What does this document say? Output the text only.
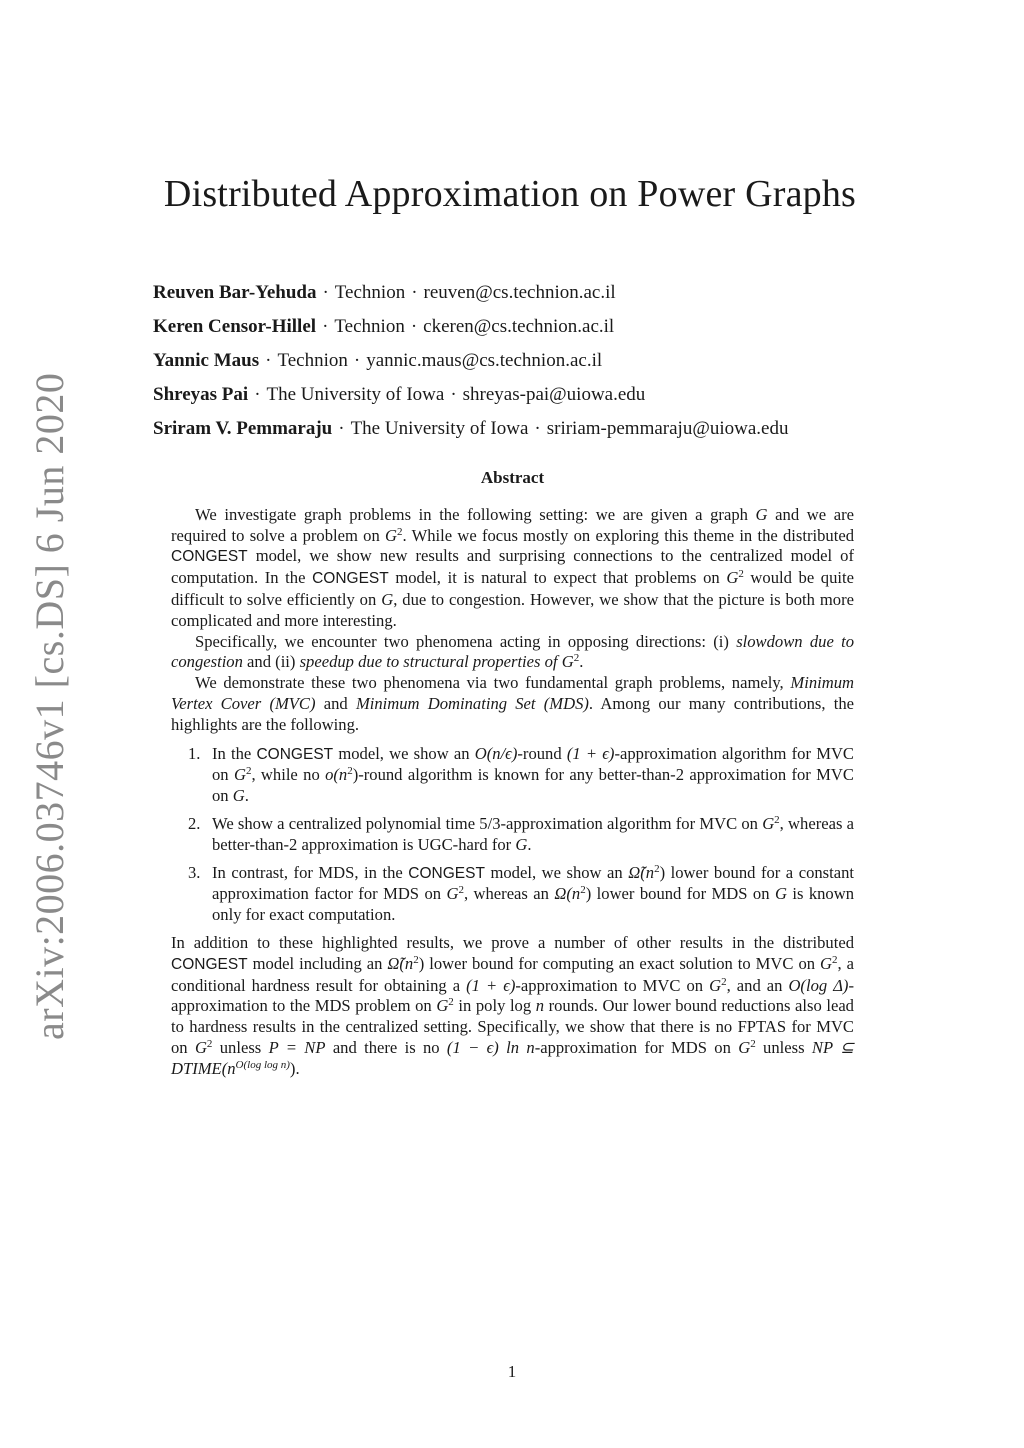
arXiv:2006.03746v1 [cs.DS] 6 Jun 2020
Distributed Approximation on Power Graphs
Reuven Bar-Yehuda · Technion · reuven@cs.technion.ac.il
Keren Censor-Hillel · Technion · ckeren@cs.technion.ac.il
Yannic Maus · Technion · yannic.maus@cs.technion.ac.il
Shreyas Pai · The University of Iowa · shreyas-pai@uiowa.edu
Sriram V. Pemmaraju · The University of Iowa · sririam-pemmaraju@uiowa.edu
Abstract

We investigate graph problems in the following setting: we are given a graph G and we are required to solve a problem on $G^2$. While we focus mostly on exploring this theme in the distributed CONGEST model, we show new results and surprising connections to the centralized model of computation. In the CONGEST model, it is natural to expect that problems on $G^2$ would be quite difficult to solve efficiently on G, due to congestion. However, we show that the picture is both more complicated and more interesting.

Specifically, we encounter two phenomena acting in opposing directions: (i) slowdown due to congestion and (ii) speedup due to structural properties of $G^2$.

We demonstrate these two phenomena via two fundamental graph problems, namely, Minimum Vertex Cover (MVC) and Minimum Dominating Set (MDS). Among our many contributions, the highlights are the following.

1. In the CONGEST model, we show an O(n/ϵ)-round (1 + ϵ)-approximation algorithm for MVC on $G^2$, while no $o(n^2)$-round algorithm is known for any better-than-2 approximation for MVC on G.
2. We show a centralized polynomial time 5/3-approximation algorithm for MVC on $G^2$, whereas a better-than-2 approximation is UGC-hard for G.
3. In contrast, for MDS, in the CONGEST model, we show an $\Omegã(n^2)$ lower bound for a constant approximation factor for MDS on $G^2$, whereas an $\Omega(n^2)$ lower bound for MDS on G is known only for exact computation.

In addition to these highlighted results, we prove a number of other results in the distributed CONGEST model including an $\Omegã(n^2)$ lower bound for computing an exact solution to MVC on $G^2$, a conditional hardness result for obtaining a (1 + ϵ)-approximation to MVC on $G^2$, and an O(log Δ)-approximation to the MDS problem on $G^2$ in poly log n rounds. Our lower bound reductions also lead to hardness results in the centralized setting. Specifically, we show that there is no FPTAS for MVC on $G^2$ unless P = NP and there is no (1 − ϵ) ln n-approximation for MDS on $G^2$ unless NP ⊆ $DTIME(n^{O(log log n)})$.

1
